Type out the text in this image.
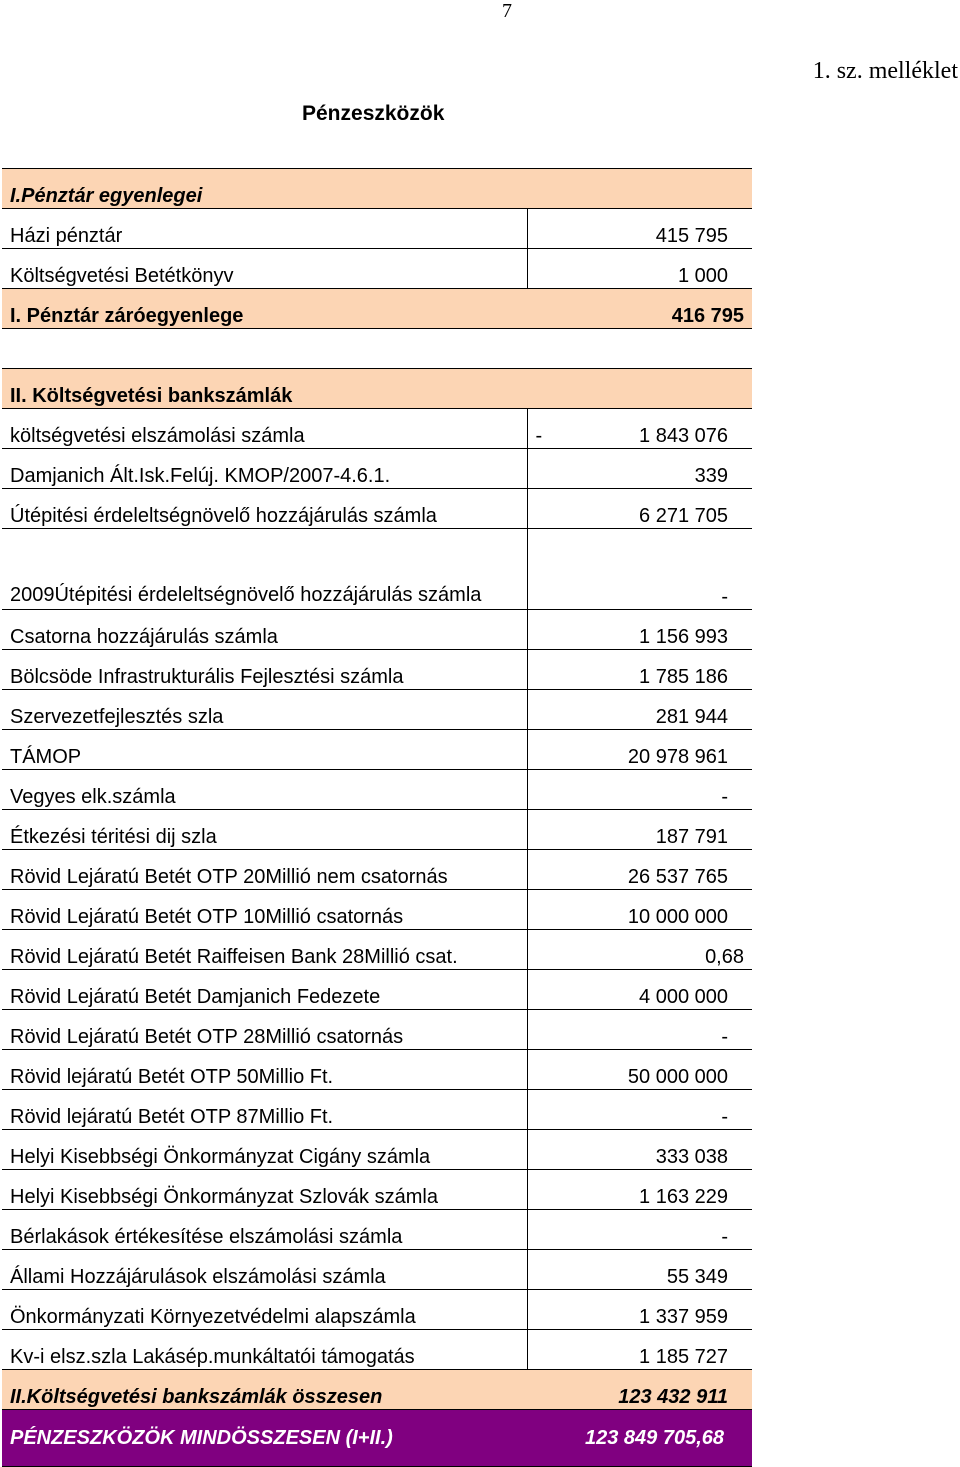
7
1. sz. melléklet
Pénzeszközök
I.Pénztár egyenlegei	
Házi pénztár	415 795
Költségvetési Betétkönyv	1 000
I. Pénztár záróegyenlege	416 795
II. Költségvetési bankszámlák	
költségvetési elszámolási számla	- 1 843 076
Damjanich Ált.Isk.Felúj. KMOP/2007-4.6.1.	339
Útépitési érdeleltségnövelő hozzájárulás számla	6 271 705
2009Útépitési érdeleltségnövelő hozzájárulás számla	-
Csatorna hozzájárulás számla	1 156 993
Bölcsöde Infrastrukturális Fejlesztési számla	1 785 186
Szervezetfejlesztés szla	281 944
TÁMOP	20 978 961
Vegyes elk.számla	-
Étkezési téritési dij szla	187 791
Rövid Lejáratú Betét OTP 20Millió nem csatornás	26 537 765
Rövid Lejáratú Betét OTP 10Millió csatornás	10 000 000
Rövid Lejáratú Betét Raiffeisen Bank 28Millió csat.	0,68
Rövid Lejáratú Betét Damjanich Fedezete	4 000 000
Rövid Lejáratú Betét OTP 28Millió csatornás	-
Rövid lejáratú Betét OTP 50Millio Ft.	50 000 000
Rövid lejáratú Betét OTP 87Millio Ft.	-
Helyi Kisebbségi Önkormányzat Cigány számla	333 038
Helyi Kisebbségi Önkormányzat Szlovák számla	1 163 229
Bérlakások értékesítése elszámolási számla	-
Állami Hozzájárulások elszámolási számla	55 349
Önkormányzati Környezetvédelmi alapszámla	1 337 959
Kv-i elsz.szla Lakásép.munkáltatói támogatás	1 185 727
II.Költségvetési bankszámlák összesen	123 432 911
PÉNZESZKÖZÖK MINDÖSSZESEN (I+II.)	123 849 705,68
